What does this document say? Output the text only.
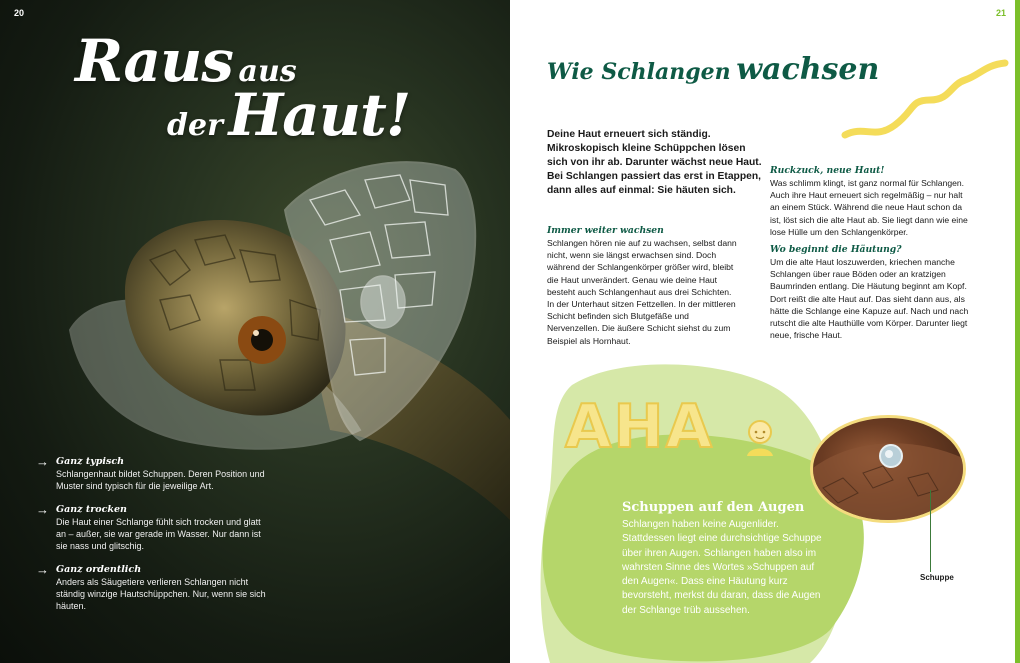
20
Raus aus
der Haut!
→ Ganz typisch
Schlangenhaut bildet Schuppen. Deren Position und Muster sind typisch für die jeweilige Art.
→ Ganz trocken
Die Haut einer Schlange fühlt sich trocken und glatt an – außer, sie war gerade im Wasser. Nur dann ist sie nass und glitschig.
→ Ganz ordentlich
Anders als Säugetiere verlieren Schlangen nicht ständig winzige Hautschüppchen. Nur, wenn sie sich häuten.
21
Wie Schlangen wachsen
Deine Haut erneuert sich ständig. Mikroskopisch kleine Schüppchen lösen sich von ihr ab. Darunter wächst neue Haut. Bei Schlangen passiert das erst in Etappen, dann alles auf einmal: Sie häuten sich.
Immer weiter wachsen

Schlangen hören nie auf zu wachsen, selbst dann nicht, wenn sie längst erwachsen sind. Doch während der Schlangenkörper größer wird, bleibt die Haut unverändert. Genau wie deine Haut besteht auch Schlangenhaut aus drei Schichten. In der Unterhaut sitzen Fettzellen. In der mittleren Schicht befinden sich Blutgefäße und Nervenzellen. Die äußere Schicht siehst du zum Beispiel als Hornhaut.

Ruckzuck, neue Haut!

Was schlimm klingt, ist ganz normal für Schlangen. Auch ihre Haut erneuert sich regelmäßig – nur halt an einem Stück. Während die neue Haut schon da ist, löst sich die alte Haut ab. Sie liegt dann wie eine lose Hülle um den Schlangenkörper.

Wo beginnt die Häutung?

Um die alte Haut loszuwerden, kriechen manche Schlangen über raue Böden oder an kratzigen Baumrinden entlang. Die Häutung beginnt am Kopf. Dort reißt die alte Haut auf. Das sieht dann aus, als hätte die Schlange eine Kapuze auf. Nach und nach rutscht die alte Hauthülle vom Körper. Darunter liegt neue, frische Haut.

AHA
Schuppe
Schuppen auf den Augen
Schlangen haben keine Augenlider. Stattdessen liegt eine durchsichtige Schuppe über ihren Augen. Schlangen haben also im wahrsten Sinne des Wortes »Schuppen auf den Augen«. Dass eine Häutung kurz bevorsteht, merkst du daran, dass die Augen der Schlange trüb aussehen.
